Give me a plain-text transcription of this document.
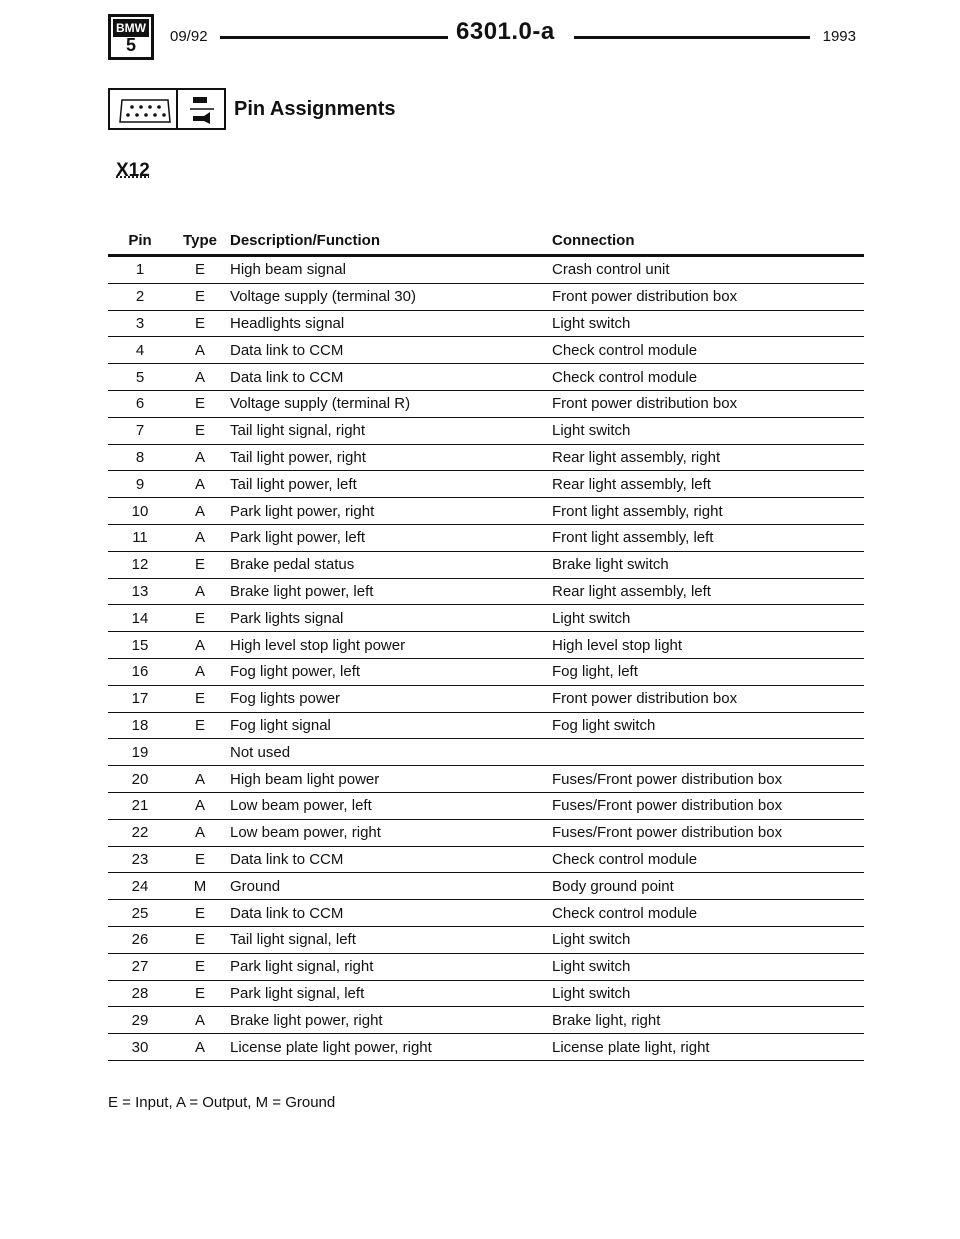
BMW
5	09/92	6301.0-a	1993
Pin Assignments
X12
Pin	Type	Description/Function	Connection
1	E	High beam signal	Crash control unit
2	E	Voltage supply (terminal 30)	Front power distribution box
3	E	Headlights signal	Light switch
4	A	Data link to CCM	Check control module
5	A	Data link to CCM	Check control module
6	E	Voltage supply (terminal R)	Front power distribution box
7	E	Tail light signal, right	Light switch
8	A	Tail light power, right	Rear light assembly, right
9	A	Tail light power, left	Rear light assembly, left
10	A	Park light power, right	Front light assembly, right
11	A	Park light power, left	Front light assembly, left
12	E	Brake pedal status	Brake light switch
13	A	Brake light power, left	Rear light assembly, left
14	E	Park lights signal	Light switch
15	A	High level stop light power	High level stop light
16	A	Fog light power, left	Fog light, left
17	E	Fog lights power	Front power distribution box
18	E	Fog light signal	Fog light switch
19		Not used	
20	A	High beam light power	Fuses/Front power distribution box
21	A	Low beam power, left	Fuses/Front power distribution box
22	A	Low beam power, right	Fuses/Front power distribution box
23	E	Data link to CCM	Check control module
24	M	Ground	Body ground point
25	E	Data link to CCM	Check control module
26	E	Tail light signal, left	Light switch
27	E	Park light signal, right	Light switch
28	E	Park light signal, left	Light switch
29	A	Brake light power, right	Brake light, right
30	A	License plate light power, right	License plate light, right
E = Input, A = Output, M = Ground
